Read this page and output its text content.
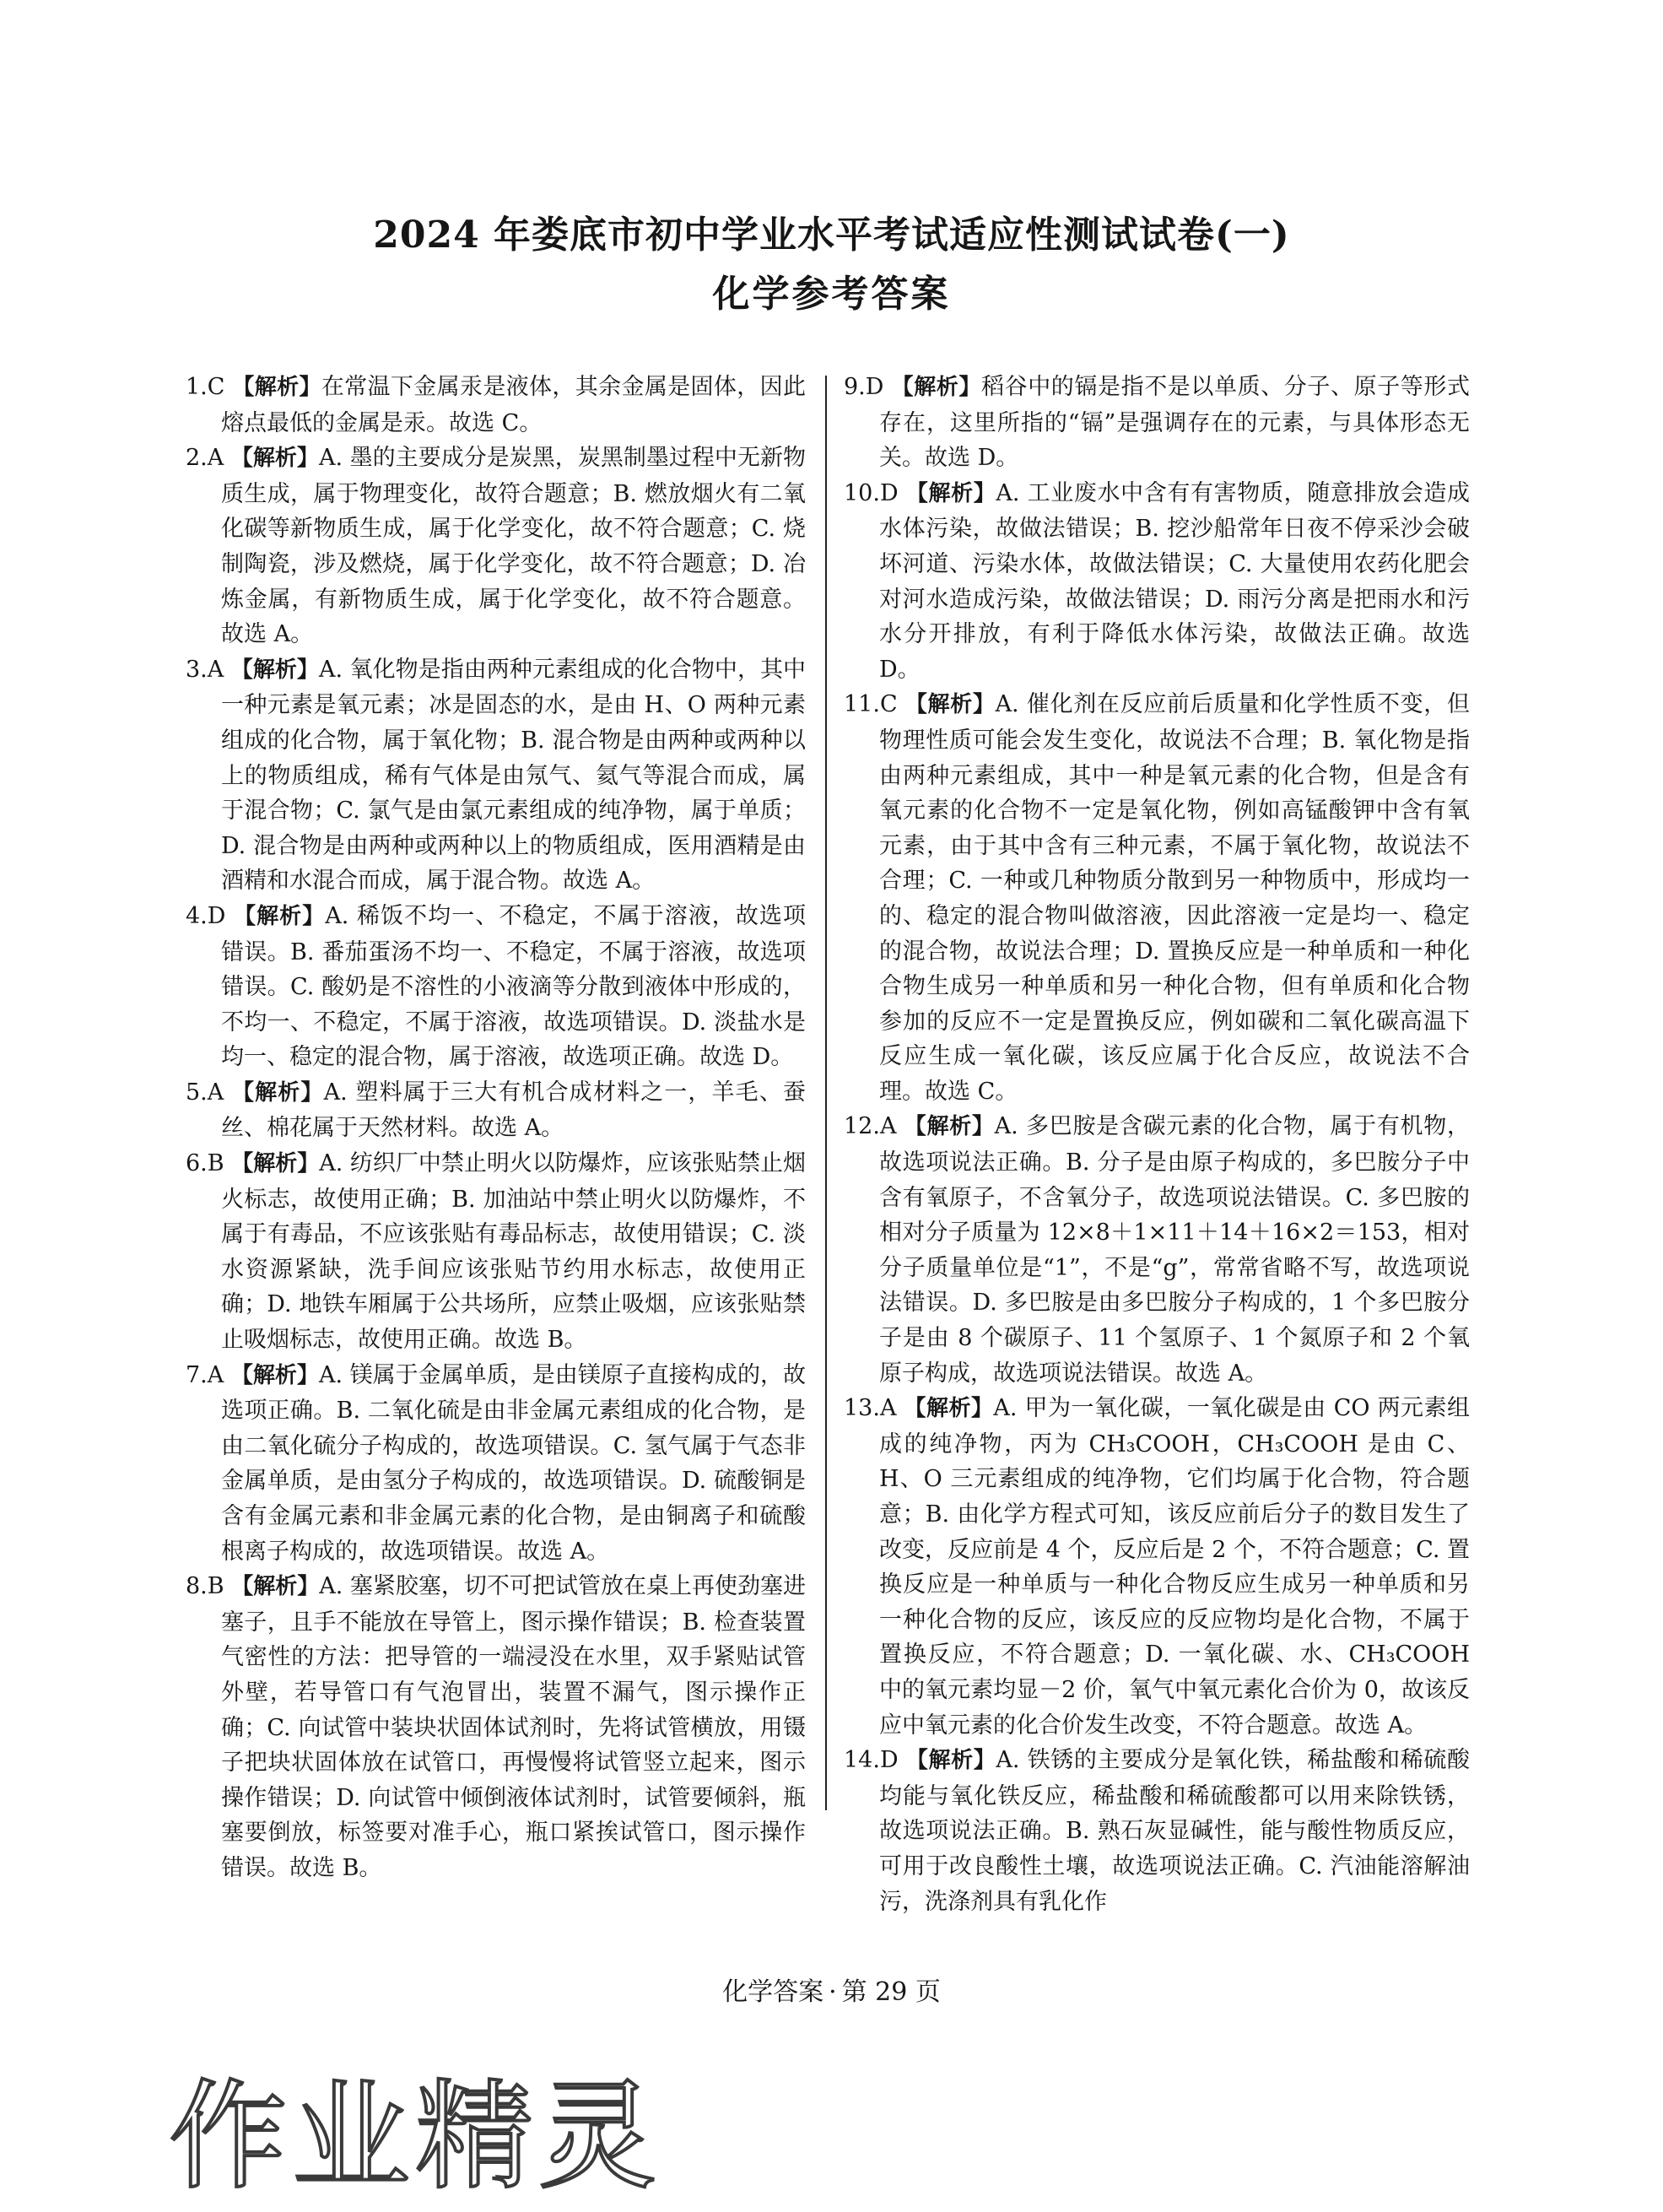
2024 年娄底市初中学业水平考试适应性测试试卷(一)
化学参考答案

1.C 【解析】在常温下金属汞是液体，其余金属是固体，因此熔点最低的金属是汞。故选 C。

2.A 【解析】A. 墨的主要成分是炭黑，炭黑制墨过程中无新物质生成，属于物理变化，故符合题意；B. 燃放烟火有二氧化碳等新物质生成，属于化学变化，故不符合题意；C. 烧制陶瓷，涉及燃烧，属于化学变化，故不符合题意；D. 冶炼金属，有新物质生成，属于化学变化，故不符合题意。故选 A。

3.A 【解析】A. 氧化物是指由两种元素组成的化合物中，其中一种元素是氧元素；冰是固态的水，是由 H、O 两种元素组成的化合物，属于氧化物；B. 混合物是由两种或两种以上的物质组成，稀有气体是由氖气、氦气等混合而成，属于混合物；C. 氯气是由氯元素组成的纯净物，属于单质；D. 混合物是由两种或两种以上的物质组成，医用酒精是由酒精和水混合而成，属于混合物。故选 A。

4.D 【解析】A. 稀饭不均一、不稳定，不属于溶液，故选项错误。B. 番茄蛋汤不均一、不稳定，不属于溶液，故选项错误。C. 酸奶是不溶性的小液滴等分散到液体中形成的，不均一、不稳定，不属于溶液，故选项错误。D. 淡盐水是均一、稳定的混合物，属于溶液，故选项正确。故选 D。

5.A 【解析】A. 塑料属于三大有机合成材料之一，羊毛、蚕丝、棉花属于天然材料。故选 A。

6.B 【解析】A. 纺织厂中禁止明火以防爆炸，应该张贴禁止烟火标志，故使用正确；B. 加油站中禁止明火以防爆炸，不属于有毒品，不应该张贴有毒品标志，故使用错误；C. 淡水资源紧缺，洗手间应该张贴节约用水标志，故使用正确；D. 地铁车厢属于公共场所，应禁止吸烟，应该张贴禁止吸烟标志，故使用正确。故选 B。

7.A 【解析】A. 镁属于金属单质，是由镁原子直接构成的，故选项正确。B. 二氧化硫是由非金属元素组成的化合物，是由二氧化硫分子构成的，故选项错误。C. 氢气属于气态非金属单质，是由氢分子构成的，故选项错误。D. 硫酸铜是含有金属元素和非金属元素的化合物，是由铜离子和硫酸根离子构成的，故选项错误。故选 A。

8.B 【解析】A. 塞紧胶塞，切不可把试管放在桌上再使劲塞进塞子，且手不能放在导管上，图示操作错误；B. 检查装置气密性的方法：把导管的一端浸没在水里，双手紧贴试管外壁，若导管口有气泡冒出，装置不漏气，图示操作正确；C. 向试管中装块状固体试剂时，先将试管横放，用镊子把块状固体放在试管口，再慢慢将试管竖立起来，图示操作错误；D. 向试管中倾倒液体试剂时，试管要倾斜，瓶塞要倒放，标签要对准手心，瓶口紧挨试管口，图示操作错误。故选 B。

9.D 【解析】稻谷中的镉是指不是以单质、分子、原子等形式存在，这里所指的“镉”是强调存在的元素，与具体形态无关。故选 D。

10.D 【解析】A. 工业废水中含有有害物质，随意排放会造成水体污染，故做法错误；B. 挖沙船常年日夜不停采沙会破坏河道、污染水体，故做法错误；C. 大量使用农药化肥会对河水造成污染，故做法错误；D. 雨污分离是把雨水和污水分开排放，有利于降低水体污染，故做法正确。故选 D。

11.C 【解析】A. 催化剂在反应前后质量和化学性质不变，但物理性质可能会发生变化，故说法不合理；B. 氧化物是指由两种元素组成，其中一种是氧元素的化合物，但是含有氧元素的化合物不一定是氧化物，例如高锰酸钾中含有氧元素，由于其中含有三种元素，不属于氧化物，故说法不合理；C. 一种或几种物质分散到另一种物质中，形成均一的、稳定的混合物叫做溶液，因此溶液一定是均一、稳定的混合物，故说法合理；D. 置换反应是一种单质和一种化合物生成另一种单质和另一种化合物，但有单质和化合物参加的反应不一定是置换反应，例如碳和二氧化碳高温下反应生成一氧化碳，该反应属于化合反应，故说法不合理。故选 C。

12.A 【解析】A. 多巴胺是含碳元素的化合物，属于有机物，故选项说法正确。B. 分子是由原子构成的，多巴胺分子中含有氧原子，不含氧分子，故选项说法错误。C. 多巴胺的相对分子质量为 12×8＋1×11＋14＋16×2＝153，相对分子质量单位是“1”，不是“g”，常常省略不写，故选项说法错误。D. 多巴胺是由多巴胺分子构成的，1 个多巴胺分子是由 8 个碳原子、11 个氢原子、1 个氮原子和 2 个氧原子构成，故选项说法错误。故选 A。

13.A 【解析】A. 甲为一氧化碳，一氧化碳是由 CO 两元素组成的纯净物，丙为 CH₃COOH，CH₃COOH 是由 C、H、O 三元素组成的纯净物，它们均属于化合物，符合题意；B. 由化学方程式可知，该反应前后分子的数目发生了改变，反应前是 4 个，反应后是 2 个，不符合题意；C. 置换反应是一种单质与一种化合物反应生成另一种单质和另一种化合物的反应，该反应的反应物均是化合物，不属于置换反应，不符合题意；D. 一氧化碳、水、CH₃COOH 中的氧元素均显－2 价，氧气中氧元素化合价为 0，故该反应中氧元素的化合价发生改变，不符合题意。故选 A。

14.D 【解析】A. 铁锈的主要成分是氧化铁，稀盐酸和稀硫酸均能与氧化铁反应，稀盐酸和稀硫酸都可以用来除铁锈，故选项说法正确。B. 熟石灰显碱性，能与酸性物质反应，可用于改良酸性土壤，故选项说法正确。C. 汽油能溶解油污，洗涤剂具有乳化作

化学答案 · 第 29 页
作业精灵
